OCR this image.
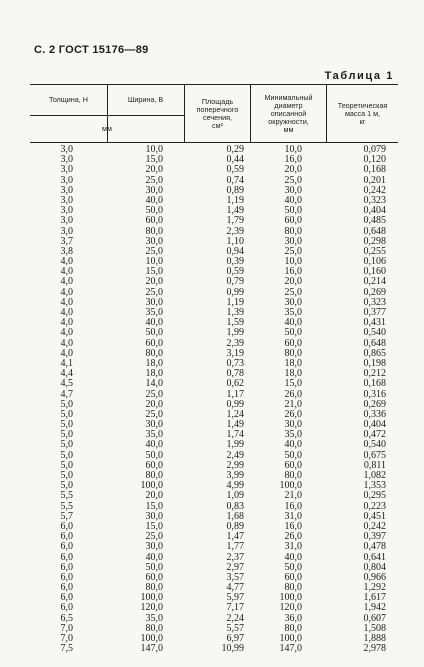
С. 2 ГОСТ 15176—89
Таблица 1
Толщина, Н	Ширина, В
мм
Площадь
поперечного
сечения,
см²
Минимальный
диаметр
описанной
окружности,
мм
Теоретическая
масса 1 м,
кг
3,0	10,0	0,29	10,0	0,079
3,0	15,0	0,44	16,0	0,120
3,0	20,0	0,59	20,0	0,168
3,0	25,0	0,74	25,0	0,201
3,0	30,0	0,89	30,0	0,242
3,0	40,0	1,19	40,0	0,323
3,0	50,0	1,49	50,0	0,404
3,0	60,0	1,79	60,0	0,485
3,0	80,0	2,39	80,0	0,648
3,7	30,0	1,10	30,0	0,298
3,8	25,0	0,94	25,0	0,255
4,0	10,0	0,39	10,0	0,106
4,0	15,0	0,59	16,0	0,160
4,0	20,0	0,79	20,0	0,214
4,0	25,0	0,99	25,0	0,269
4,0	30,0	1,19	30,0	0,323
4,0	35,0	1,39	35,0	0,377
4,0	40,0	1,59	40,0	0,431
4,0	50,0	1,99	50,0	0,540
4,0	60,0	2,39	60,0	0,648
4,0	80,0	3,19	80,0	0,865
4,1	18,0	0,73	18,0	0,198
4,4	18,0	0,78	18,0	0,212
4,5	14,0	0,62	15,0	0,168
4,7	25,0	1,17	26,0	0,316
5,0	20,0	0,99	21,0	0,269
5,0	25,0	1,24	26,0	0,336
5,0	30,0	1,49	30,0	0,404
5,0	35,0	1,74	35,0	0,472
5,0	40,0	1,99	40,0	0,540
5,0	50,0	2,49	50,0	0,675
5,0	60,0	2,99	60,0	0,811
5,0	80,0	3,99	80,0	1,082
5,0	100,0	4,99	100,0	1,353
5,5	20,0	1,09	21,0	0,295
5,5	15,0	0,83	16,0	0,223
5,7	30,0	1,68	31,0	0,451
6,0	15,0	0,89	16,0	0,242
6,0	25,0	1,47	26,0	0,397
6,0	30,0	1,77	31,0	0,478
6,0	40,0	2,37	40,0	0,641
6,0	50,0	2,97	50,0	0,804
6,0	60,0	3,57	60,0	0,966
6,0	80,0	4,77	80,0	1,292
6,0	100,0	5,97	100,0	1,617
6,0	120,0	7,17	120,0	1,942
6,5	35,0	2,24	36,0	0,607
7,0	80,0	5,57	80,0	1,508
7,0	100,0	6,97	100,0	1,888
7,5	147,0	10,99	147,0	2,978
